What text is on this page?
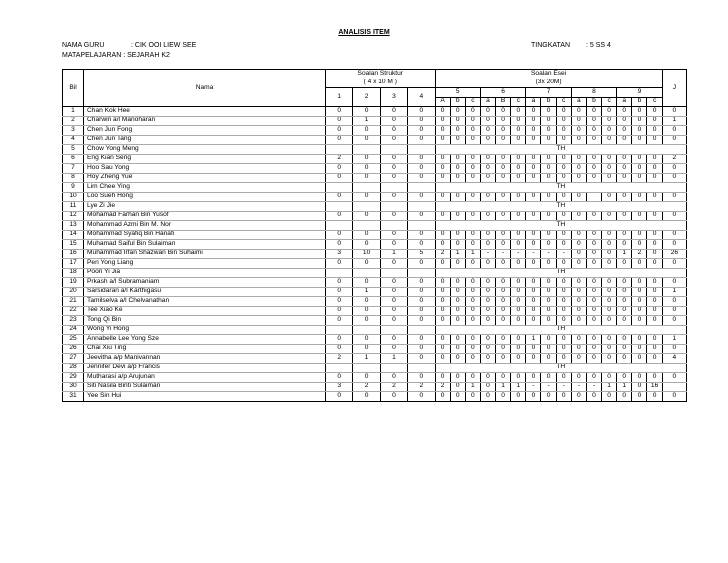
ANALISIS ITEM
NAMA GURU	: CIK OOI LIEW SEE
MATAPELAJARAN : SEJARAH K2
TINGKATAN : 5 SS 4
Bil	Nama	Soalan Struktur				Soalan Esei															J
		( 4 x 10 M )				(3x 20M)															
		1	2	3	4	5			6			7			8			9			
						A	b	c	a	B	c	a	b	c	a	b	c	a	b	c	
1	Chan Kok Hee	0	0	0	0	0	0	0	0	0	0	0	0	0	0	0	0	0	0	0	0
2	Charwin a/l Manoharan	0	1	0	0	0	0	0	0	0	0	0	0	0	0	0	0	0	0	0	1
3	Chen Jun Fong	0	0	0	0	0	0	0	0	0	0	0	0	0	0	0	0	0	0	0	0
4	Chen Jun Tang	0	0	0	0	0	0	0	0	0	0	0	0	0	0	0	0	0	0	0	0
5	Chow Yong Meng					TH															
6	Eng Kian Seng	2	0	0	0	0	0	0	0	0	0	0	0	0	0	0	0	0	0	0	2
7	Hoo Sau Yong	0	0	0	0	0	0	0	0	0	0	0	0	0	0	0	0	0	0	0	0
8	Hoy Zheng Yue	0	0	0	0	0	0	0	0	0	0	0	0	0	0	0	0	0	0	0	0
9	Lim Chee Ying					TH															
10	Loo Sueh Hong	0	0	0	0	0	0	0	0	0	0	0	0	0	0		0	0	0	0	0
11	Lye Zi Jie					TH															
12	Mohamad Farhan Bin Yusof	0	0	0	0	0	0	0	0	0	0	0	0	0	0	0	0	0	0	0	0
13	Mohammad Azmi Bin M. Nor					TH															
14	Mohammad Syafiq Bin Hanafi	0	0	0	0	0	0	0	0	0	0	0	0	0	0	0	0	0	0	0	0
15	Muhamad Saiful Bin Sulaiman	0	0	0	0	0	0	0	0	0	0	0	0	0	0	0	0	0	0	0	0
16	Muhammad Irfan Shazwan Bin Suhaimi	3	10	1	5	2	1	1	-	-	-	-	-	-	0	0	0	1	2	0	26
17	Pen Yong Liang	0	0	0	0	0	0	0	0	0	0	0	0	0	0	0	0	0	0	0	0
18	Poon Yi Jia					TH															
19	Prkash a/l Subramaniam	0	0	0	0	0	0	0	0	0	0	0	0	0	0	0	0	0	0	0	0
20	Sarsidaran a/l Karthigasu	0	1	0	0	0	0	0	0	0	0	0	0	0	0	0	0	0	0	0	1
21	Tamilselva a/l Chelvanathan	0	0	0	0	0	0	0	0	0	0	0	0	0	0	0	0	0	0	0	0
22	Tee Xiao Ke	0	0	0	0	0	0	0	0	0	0	0	0	0	0	0	0	0	0	0	0
23	Tong Qi Bin	0	0	0	0	0	0	0	0	0	0	0	0	0	0	0	0	0	0	0	0
24	Wong Yi Hong					TH															
25	Annabelle Lee Yong Sze	0	0	0	0	0	0	0	0	0	0	1	0	0	0	0	0	0	0	0	1
26	Chai Xiu Ting	0	0	0	0	0	0	0	0	0	0	0	0	0	0	0	0	0	0	0	0
27	Jeevitha a/p Manivannan	2	1	1	0	0	0	0	0	0	0	0	0	0	0	0	0	0	0	0	4
28	Jennifer Devi a/p Francis					TH															
29	Mutharasi a/p Arujunan	0	0	0	0	0	0	0	0	0	0	0	0	0	0	0	0	0	0	0	0
30	Siti Nasila Binti Sulaiman	3	2	2	2	2	0	1	0	1	1	-	-	-	-	-	1	1	0	16	
31	Yee Sin Hui	0	0	0	0	0	0	0	0	0	0	0	0	0	0	0	0	0	0	0	0
